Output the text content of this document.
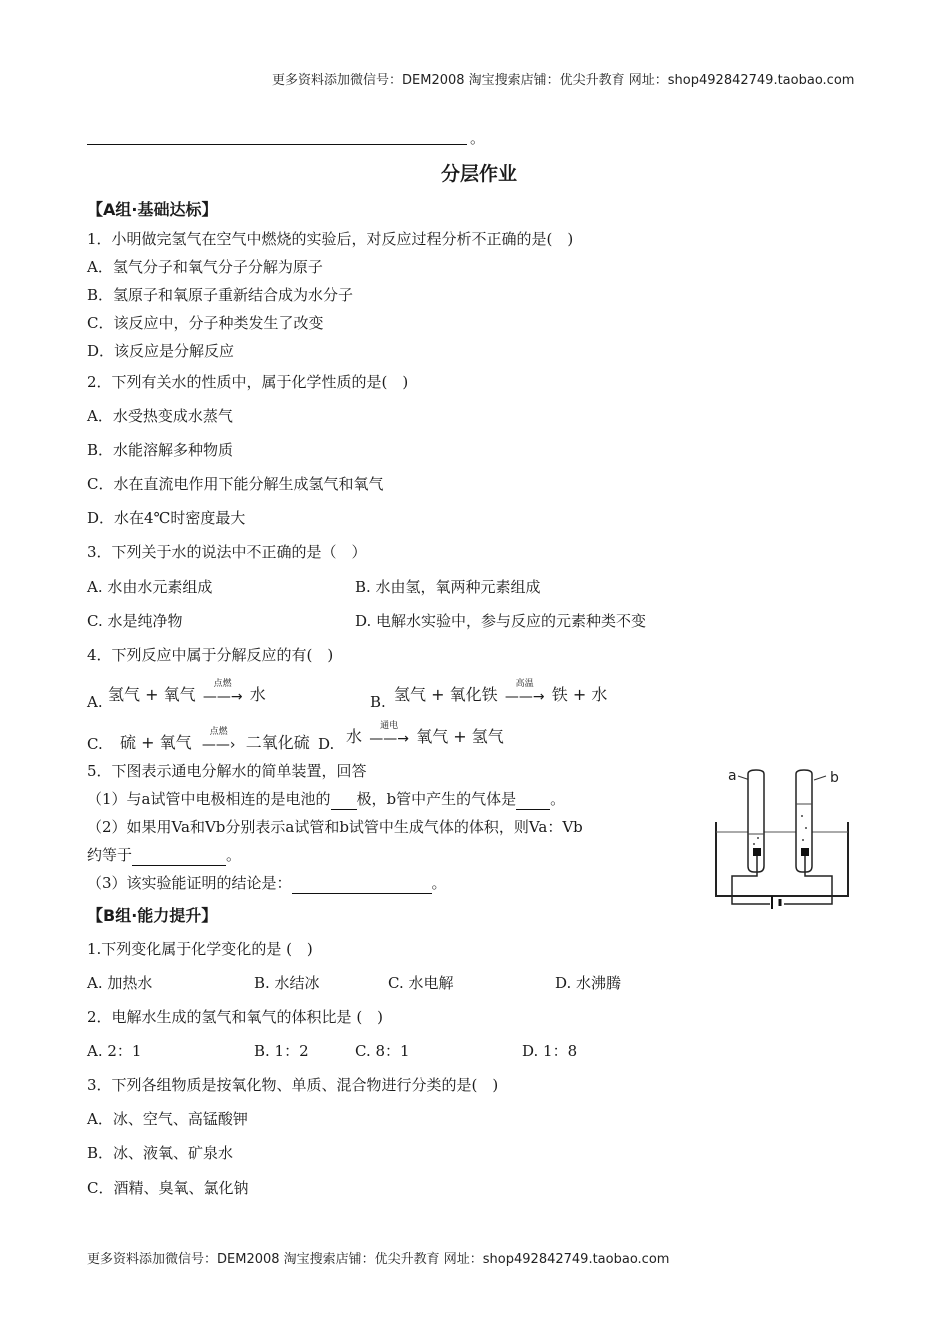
更多资料添加微信号：DEM2008 淘宝搜索店铺：优尖升教育 网址：shop492842749.taobao.com
。
分层作业
【A组·基础达标】
1．小明做完氢气在空气中燃烧的实验后，对反应过程分析不正确的是(　)
A．氢气分子和氧气分子分解为原子
B．氢原子和氧原子重新结合成为水分子
C．该反应中，分子种类发生了改变
D．该反应是分解反应
2．下列有关水的性质中，属于化学性质的是(　)
A．水受热变成水蒸气
B．水能溶解多种物质
C．水在直流电作用下能分解生成氢气和氧气
D．水在4℃时密度最大
3．下列关于水的说法中不正确的是（　）
A. 水由水元素组成	B. 水由氢，氧两种元素组成
C. 水是纯净物	D. 电解水实验中，参与反应的元素种类不变
4．下列反应中属于分解反应的有(　)
A. 氢气 + 氧气
点燃
——→ 水	B. 氢气 + 氧化铁
高温
——→ 铁 + 水
C. 硫 + 氧气
点燃
——› 二氧化硫 D. 水
通电
——→ 氧气 + 氢气
5．下图表示通电分解水的简单装置，回答
（1）与a试管中电极相连的是电池的 极，b管中产生的气体是 。
（2）如果用Va和Vb分别表示a试管和b试管中生成气体的体积，则Va：Vb
约等于	。
（3）该实验能证明的结论是：	。
a	b
【B组·能力提升】
1.下列变化属于化学变化的是 (　)
A. 加热水	B. 水结冰	C. 水电解	D. 水沸腾
2．电解水生成的氢气和氧气的体积比是 (　)
A. 2：1	B. 1：2	C. 8：1	D. 1：8
3．下列各组物质是按氧化物、单质、混合物进行分类的是(　)
A．冰、空气、高锰酸钾
B．冰、液氧、矿泉水
C．酒精、臭氧、氯化钠
更多资料添加微信号：DEM2008 淘宝搜索店铺：优尖升教育 网址：shop492842749.taobao.com
